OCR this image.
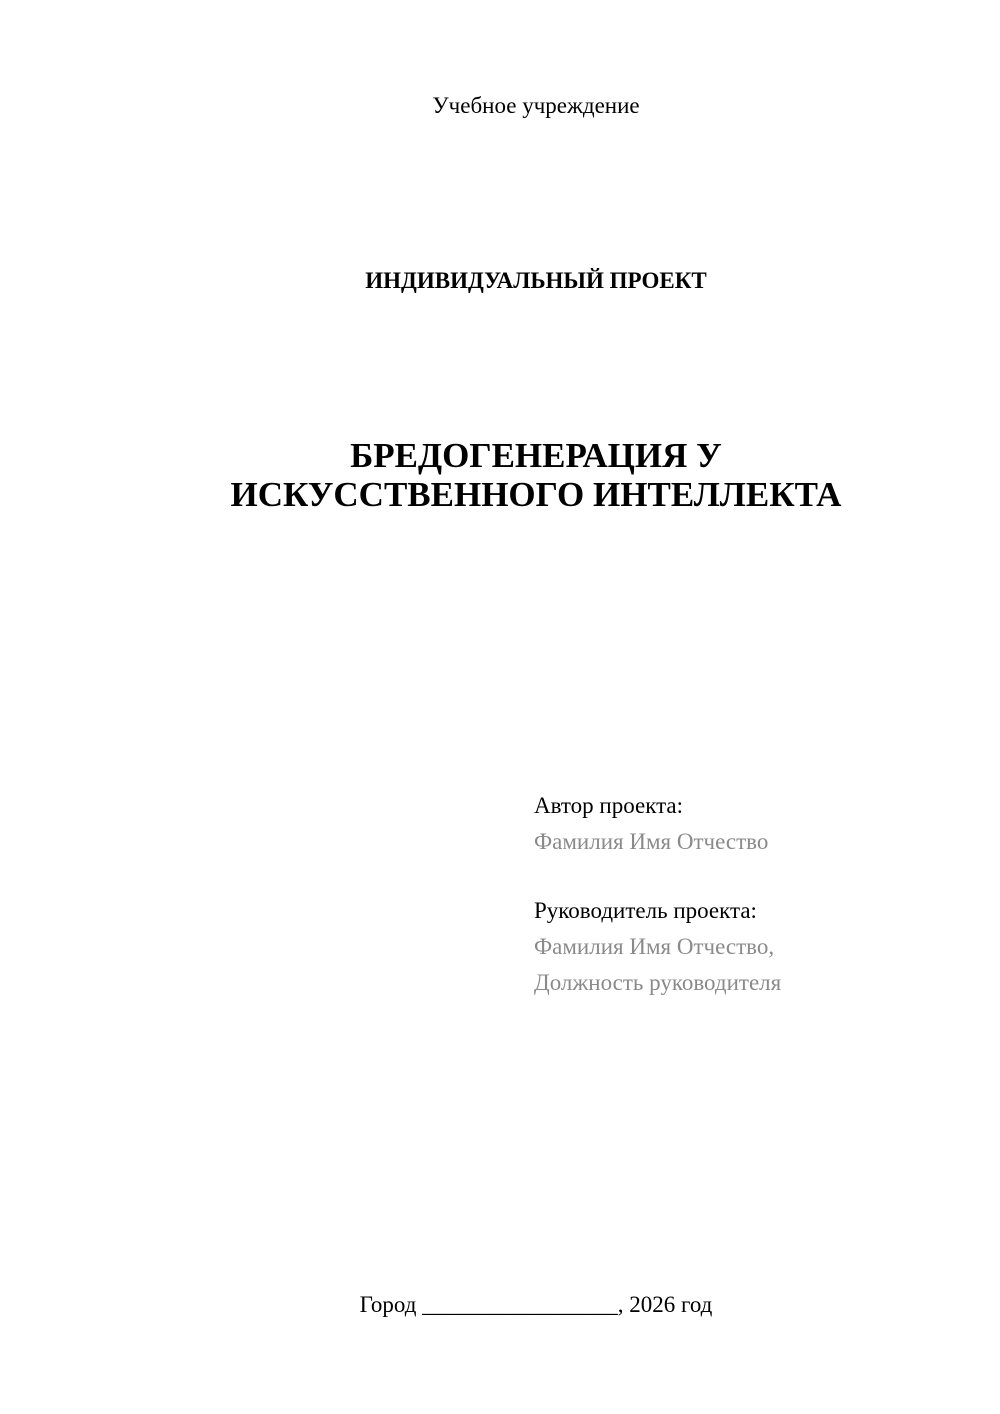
Учебное учреждение
ИНДИВИДУАЛЬНЫЙ ПРОЕКТ
БРЕДОГЕНЕРАЦИЯ У
ИСКУССТВЕННОГО ИНТЕЛЛЕКТА
Автор проекта:
Фамилия Имя Отчество
Руководитель проекта:
Фамилия Имя Отчество,
Должность руководителя
Город _________________, 2026 год
